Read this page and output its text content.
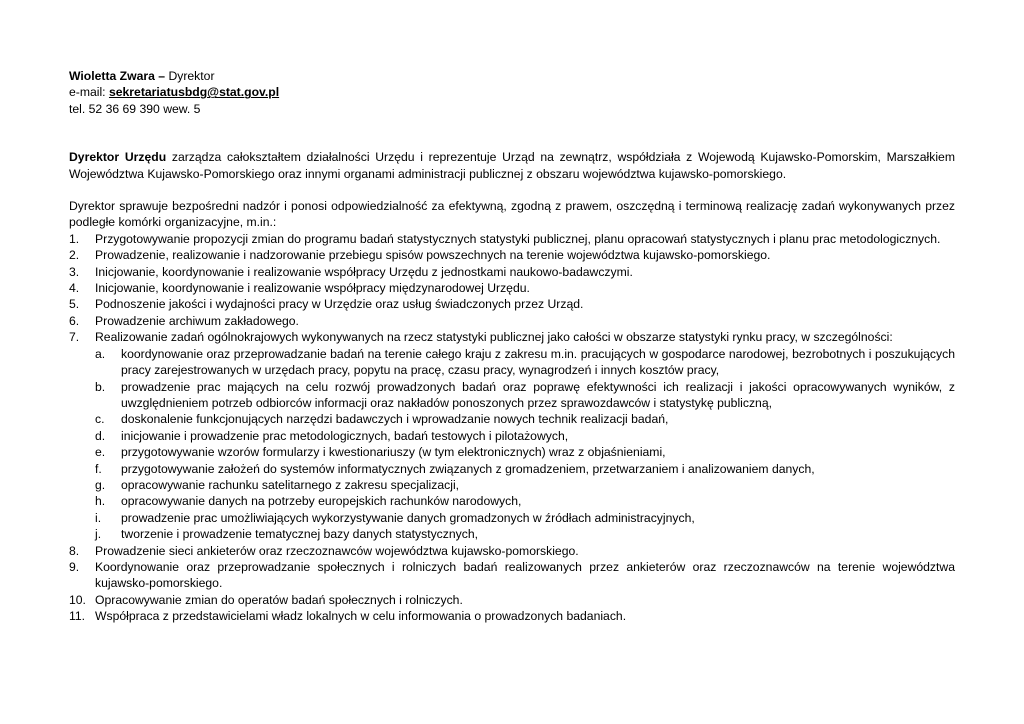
Wioletta Zwara – Dyrektor
e-mail: sekretariatusbdg@stat.gov.pl
tel. 52 36 69 390 wew. 5
Dyrektor Urzędu zarządza całokształtem działalności Urzędu i reprezentuje Urząd na zewnątrz, współdziała z Wojewodą Kujawsko-Pomorskim, Marszałkiem Województwa Kujawsko-Pomorskiego oraz innymi organami administracji publicznej z obszaru województwa kujawsko-pomorskiego.
Dyrektor sprawuje bezpośredni nadzór i ponosi odpowiedzialność za efektywną, zgodną z prawem, oszczędną i terminową realizację zadań wykonywanych przez podległe komórki organizacyjne, m.in.:
1. Przygotowywanie propozycji zmian do programu badań statystycznych statystyki publicznej, planu opracowań statystycznych i planu prac metodologicznych.
2. Prowadzenie, realizowanie i nadzorowanie przebiegu spisów powszechnych na terenie województwa kujawsko-pomorskiego.
3. Inicjowanie, koordynowanie i realizowanie współpracy Urzędu z jednostkami naukowo-badawczymi.
4. Inicjowanie, koordynowanie i realizowanie współpracy międzynarodowej Urzędu.
5. Podnoszenie jakości i wydajności pracy w Urzędzie oraz usług świadczonych przez Urząd.
6. Prowadzenie archiwum zakładowego.
7. Realizowanie zadań ogólnokrajowych wykonywanych na rzecz statystyki publicznej jako całości w obszarze statystyki rynku pracy, w szczególności:
a. koordynowanie oraz przeprowadzanie badań na terenie całego kraju z zakresu m.in. pracujących w gospodarce narodowej, bezrobotnych i poszukujących pracy zarejestrowanych w urzędach pracy, popytu na pracę, czasu pracy, wynagrodzeń i innych kosztów pracy,
b. prowadzenie prac mających na celu rozwój prowadzonych badań oraz poprawę efektywności ich realizacji i jakości opracowywanych wyników, z uwzględnieniem potrzeb odbiorców informacji oraz nakładów ponoszonych przez sprawozdawców i statystykę publiczną,
c. doskonalenie funkcjonujących narzędzi badawczych i wprowadzanie nowych technik realizacji badań,
d. inicjowanie i prowadzenie prac metodologicznych, badań testowych i pilotażowych,
e. przygotowywanie wzorów formularzy i kwestionariuszy (w tym elektronicznych) wraz z objaśnieniami,
f. przygotowywanie założeń do systemów informatycznych związanych z gromadzeniem, przetwarzaniem i analizowaniem danych,
g. opracowywanie rachunku satelitarnego z zakresu specjalizacji,
h. opracowywanie danych na potrzeby europejskich rachunków narodowych,
i. prowadzenie prac umożliwiających wykorzystywanie danych gromadzonych w źródłach administracyjnych,
j. tworzenie i prowadzenie tematycznej bazy danych statystycznych,
8. Prowadzenie sieci ankieterów oraz rzeczoznawców województwa kujawsko-pomorskiego.
9. Koordynowanie oraz przeprowadzanie społecznych i rolniczych badań realizowanych przez ankieterów oraz rzeczoznawców na terenie województwa kujawsko-pomorskiego.
10. Opracowywanie zmian do operatów badań społecznych i rolniczych.
11. Współpraca z przedstawicielami władz lokalnych w celu informowania o prowadzonych badaniach.
